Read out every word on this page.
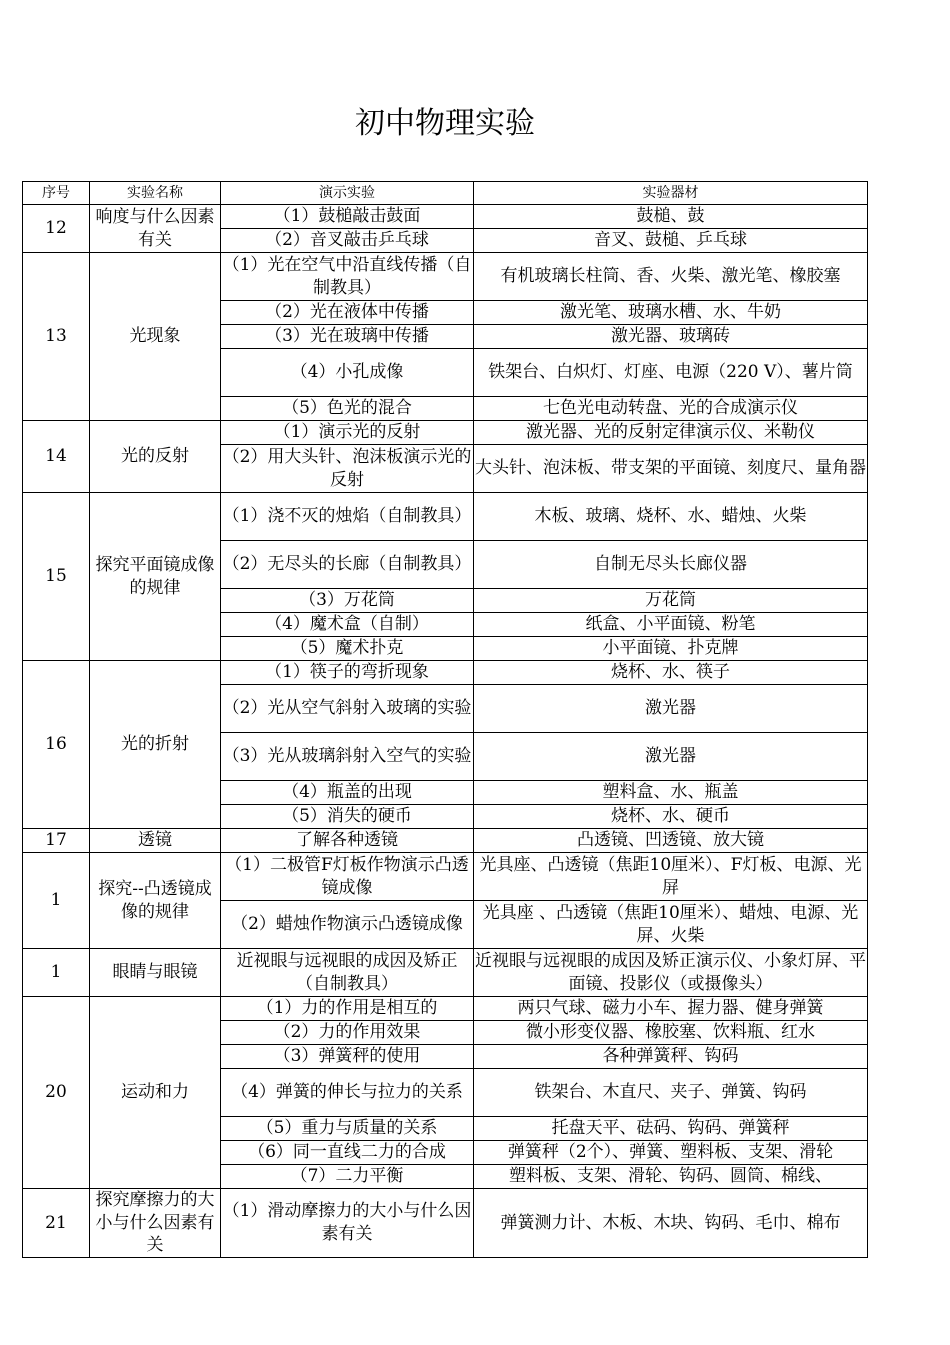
初中物理实验
序号	实验名称	演示实验	实验器材
12	响度与什么因素有关	（1）鼓槌敲击鼓面	鼓槌、鼓
		（2）音叉敲击乒乓球	音叉、鼓槌、乒乓球
13	光现象	（1）光在空气中沿直线传播（自制教具）	有机玻璃长柱筒、香、火柴、激光笔、橡胶塞
		（2）光在液体中传播	激光笔、玻璃水槽、水、牛奶
		（3）光在玻璃中传播	激光器、玻璃砖
		（4）小孔成像	铁架台、白炽灯、灯座、电源（220 V）、薯片筒
		（5）色光的混合	七色光电动转盘、光的合成演示仪
14	光的反射	（1）演示光的反射	激光器、光的反射定律演示仪、米勒仪
		（2）用大头针、泡沫板演示光的反射	大头针、泡沫板、带支架的平面镜、刻度尺、量角器
15	探究平面镜成像的规律	（1）浇不灭的烛焰（自制教具）	木板、玻璃、烧杯、水、蜡烛、火柴
		（2）无尽头的长廊（自制教具）	自制无尽头长廊仪器
		（3）万花筒	万花筒
		（4）魔术盒（自制）	纸盒、小平面镜、粉笔
		（5）魔术扑克	小平面镜、扑克牌
16	光的折射	（1）筷子的弯折现象	烧杯、水、筷子
		（2）光从空气斜射入玻璃的实验	激光器
		（3）光从玻璃斜射入空气的实验	激光器
		（4）瓶盖的出现	塑料盒、水、瓶盖
		（5）消失的硬币	烧杯、水、硬币
17	透镜	了解各种透镜	凸透镜、凹透镜、放大镜
1	探究--凸透镜成像的规律	（1）二极管F灯板作物演示凸透镜成像	光具座、凸透镜（焦距10厘米）、F灯板、电源、光屏
		（2）蜡烛作物演示凸透镜成像	光具座 、凸透镜（焦距10厘米）、蜡烛、电源、光屏、火柴
1	眼睛与眼镜	近视眼与远视眼的成因及矫正（自制教具）	近视眼与远视眼的成因及矫正演示仪、小象灯屏、平面镜、投影仪（或摄像头）
20	运动和力	（1）力的作用是相互的	两只气球、磁力小车、握力器、健身弹簧
		（2）力的作用效果	微小形变仪器、橡胶塞、饮料瓶、红水
		（3）弹簧秤的使用	各种弹簧秤、钩码
		（4）弹簧的伸长与拉力的关系	铁架台、木直尺、夹子、弹簧、钩码
		（5）重力与质量的关系	托盘天平、砝码、钩码、弹簧秤
		（6）同一直线二力的合成	弹簧秤（2个）、弹簧、塑料板、支架、滑轮
		（7）二力平衡	塑料板、支架、滑轮、钩码、圆筒、棉线、
21	探究摩擦力的大小与什么因素有关	（1）滑动摩擦力的大小与什么因素有关	弹簧测力计、木板、木块、钩码、毛巾、棉布
